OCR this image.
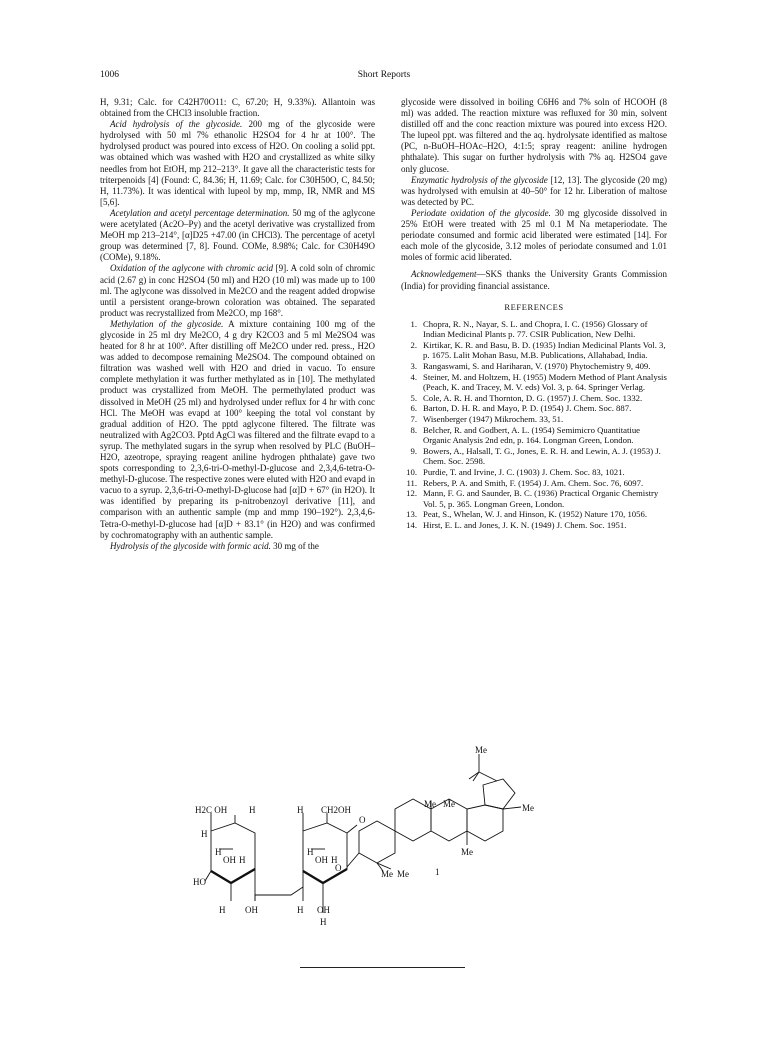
1006	Short Reports

H, 9.31; Calc. for C42H70O11: C, 67.20; H, 9.33%). Allantoin was obtained from the CHCl3 insoluble fraction.

Acid hydrolysis of the glycoside. 200 mg of the glycoside were hydrolysed with 50 ml 7% ethanolic H2SO4 for 4 hr at 100°. The hydrolysed product was poured into excess of H2O. On cooling a solid ppt. was obtained which was washed with H2O and crystallized as white silky needles from hot EtOH, mp 212–213°. It gave all the characteristic tests for triterpenoids [4] (Found: C, 84.36; H, 11.69; Calc. for C30H50O, C, 84.50; H, 11.73%). It was identical with lupeol by mp, mmp, IR, NMR and MS [5,6].

Acetylation and acetyl percentage determination. 50 mg of the aglycone were acetylated (Ac2O–Py) and the acetyl derivative was crystallized from MeOH mp 213–214°, [α]D25 +47.00 (in CHCl3). The percentage of acetyl group was determined [7, 8]. Found. COMe, 8.98%; Calc. for C30H49O (COMe), 9.18%.

Oxidation of the aglycone with chromic acid [9]. A cold soln of chromic acid (2.67 g) in conc H2SO4 (50 ml) and H2O (10 ml) was made up to 100 ml. The aglycone was dissolved in Me2CO and the reagent added dropwise until a persistent orange-brown coloration was obtained. The separated product was recrystallized from Me2CO, mp 168°.

Methylation of the glycoside. A mixture containing 100 mg of the glycoside in 25 ml dry Me2CO, 4 g dry K2CO3 and 5 ml Me2SO4 was heated for 8 hr at 100°. After distilling off Me2CO under red. press., H2O was added to decompose remaining Me2SO4. The compound obtained on filtration was washed well with H2O and dried in vacuo. To ensure complete methylation it was further methylated as in [10]. The methylated product was crystallized from MeOH. The permethylated product was dissolved in MeOH (25 ml) and hydrolysed under reflux for 4 hr with conc HCl. The MeOH was evapd at 100° keeping the total vol constant by gradual addition of H2O. The pptd aglycone filtered. The filtrate was neutralized with Ag2CO3. Pptd AgCl was filtered and the filtrate evapd to a syrup. The methylated sugars in the syrup when resolved by PLC (BuOH–H2O, azeotrope, spraying reagent aniline hydrogen phthalate) gave two spots corresponding to 2,3,6-tri-O-methyl-D-glucose and 2,3,4,6-tetra-O-methyl-D-glucose. The respective zones were eluted with H2O and evapd in vacuo to a syrup. 2,3,6-tri-O-methyl-D-glucose had [α]D + 67° (in H2O). It was identified by preparing its p-nitrobenzoyl derivative [11], and comparison with an authentic sample (mp and mmp 190–192°). 2,3,4,6-Tetra-O-methyl-D-glucose had [α]D + 83.1° (in H2O) and was confirmed by cochromatography with an authentic sample.

Hydrolysis of the glycoside with formic acid. 30 mg of the

glycoside were dissolved in boiling C6H6 and 7% soln of HCOOH (8 ml) was added. The reaction mixture was refluxed for 30 min, solvent distilled off and the conc reaction mixture was poured into excess H2O. The lupeol ppt. was filtered and the aq. hydrolysate identified as maltose (PC, n-BuOH–HOAc–H2O, 4:1:5; spray reagent: aniline hydrogen phthalate). This sugar on further hydrolysis with 7% aq. H2SO4 gave only glucose.

Enzymatic hydrolysis of the glycoside [12, 13]. The glycoside (20 mg) was hydrolysed with emulsin at 40–50° for 12 hr. Liberation of maltose was detected by PC.

Periodate oxidation of the glycoside. 30 mg glycoside dissolved in 25% EtOH were treated with 25 ml 0.1 M Na metaperiodate. The periodate consumed and formic acid liberated were estimated [14]. For each mole of the glycoside, 3.12 moles of periodate consumed and 1.01 moles of formic acid liberated.

Acknowledgement—SKS thanks the University Grants Commission (India) for providing financial assistance.

REFERENCES
1. Chopra, R. N., Nayar, S. L. and Chopra, I. C. (1956) Glossary of Indian Medicinal Plants p. 77. CSIR Publication, New Delhi.
2. Kirtikar, K. R. and Basu, B. D. (1935) Indian Medicinal Plants Vol. 3, p. 1675. Lalit Mohan Basu, M.B. Publications, Allahabad, India.
3. Rangaswami, S. and Hariharan, V. (1970) Phytochemistry 9, 409.
4. Steiner, M. and Holtzem, H. (1955) Modern Method of Plant Analysis (Peach, K. and Tracey, M. V. eds) Vol. 3, p. 64. Springer Verlag.
5. Cole, A. R. H. and Thornton, D. G. (1957) J. Chem. Soc. 1332.
6. Barton, D. H. R. and Mayo, P. D. (1954) J. Chem. Soc. 887.
7. Wisenberger (1947) Mikrochem. 33, 51.
8. Belcher, R. and Godbert, A. L. (1954) Semimicro Quantitatiue Organic Analysis 2nd edn, p. 164. Longman Green, London.
9. Bowers, A., Halsall, T. G., Jones, E. R. H. and Lewin, A. J. (1953) J. Chem. Soc. 2598.
10. Purdie, T. and Irvine, J. C. (1903) J. Chem. Soc. 83, 1021.
11. Rebers, P. A. and Smith, F. (1954) J. Am. Chem. Soc. 76, 6097.
12. Mann, F. G. and Saunder, B. C. (1936) Practical Organic Chemistry Vol. 5, p. 365. Longman Green, London.
13. Peat, S., Whelan, W. J. and Hinson, K. (1952) Nature 170, 1056.
14. Hirst, E. L. and Jones, J. K. N. (1949) J. Chem. Soc. 1951.
Me
Me Me	Me
Me
Me Me
O
O
H2C OH H
H
H
OH H
HO
H OH
H CH2OH
H
OH H
H OH
H
1
